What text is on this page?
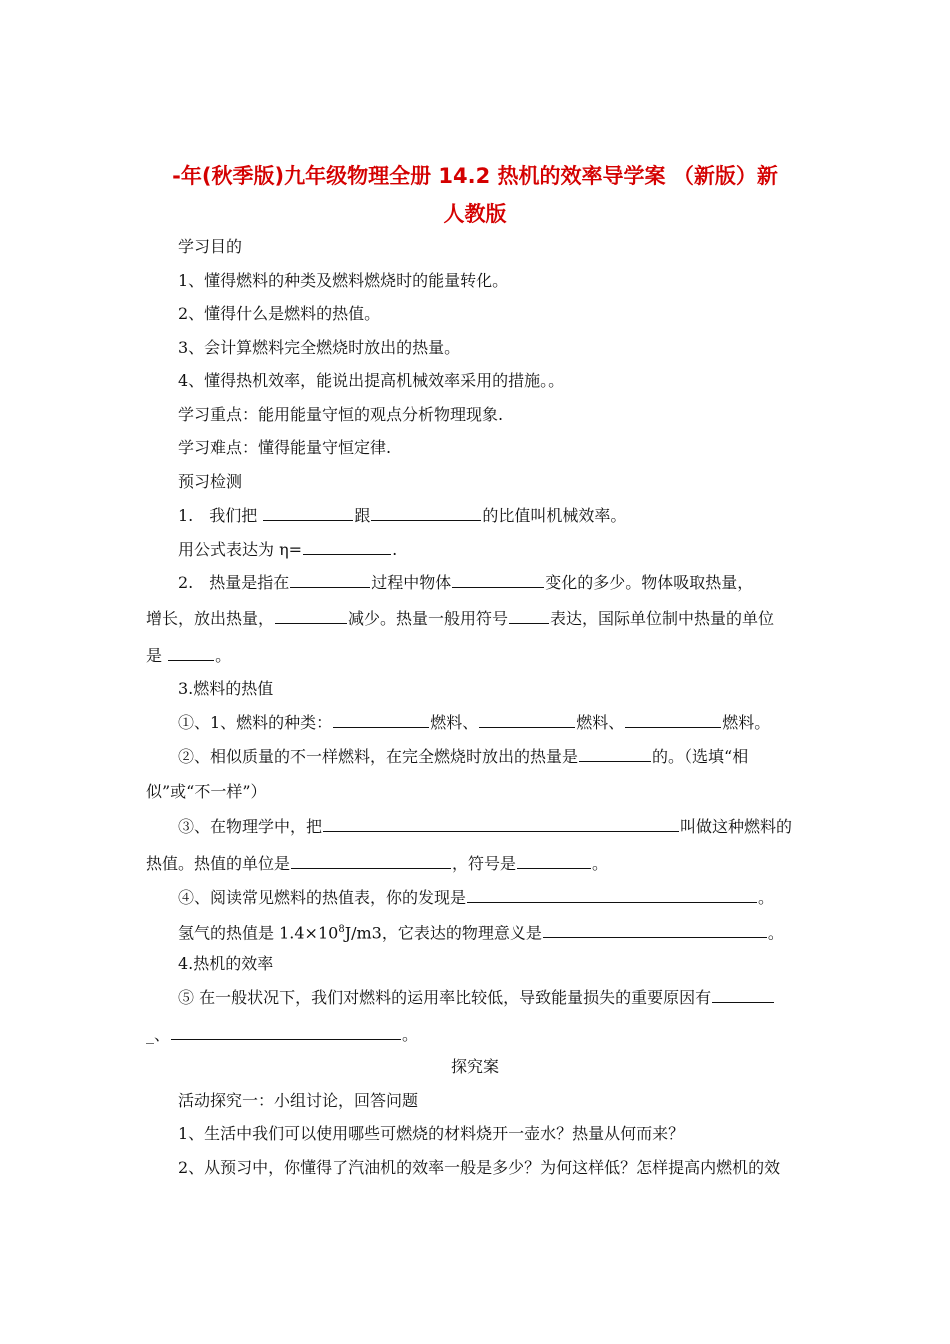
-年(秋季版)九年级物理全册 14.2 热机的效率导学案 （新版）新
人教版
学习目的
1、懂得燃料的种类及燃料燃烧时的能量转化。
2、懂得什么是燃料的热值。
3、会计算燃料完全燃烧时放出的热量。
4、懂得热机效率，能说出提高机械效率采用的措施。。
学习重点：能用能量守恒的观点分析物理现象.
学习难点：懂得能量守恒定律.
预习检测
1.　我们把	跟	的比值叫机械效率。
用公式表达为 η=	.
2.　热量是指在	过程中物体	变化的多少。物体吸取热量，
增长，放出热量，	减少。热量一般用符号	表达，国际单位制中热量的单位
是	。
3.燃料的热值
①、1、燃料的种类：	燃料、	燃料、	燃料。
②、相似质量的不一样燃料，在完全燃烧时放出的热量是	的。（选填“相
似”或“不一样”）
③、在物理学中，把	叫做这种燃料的
热值。热值的单位是	，符号是	。
④、阅读常见燃料的热值表，你的发现是	。
氢气的热值是 $1.4\times 10^8J/m3$，它表达的物理意义是	。
4.热机的效率
⑤ 在一般状况下，我们对燃料的运用率比较低，导致能量损失的重要原因有
_、	。
探究案
活动探究一：小组讨论，回答问题
1、生活中我们可以使用哪些可燃烧的材料烧开一壶水？热量从何而来？
2、从预习中，你懂得了汽油机的效率一般是多少？为何这样低？怎样提高内燃机的效
